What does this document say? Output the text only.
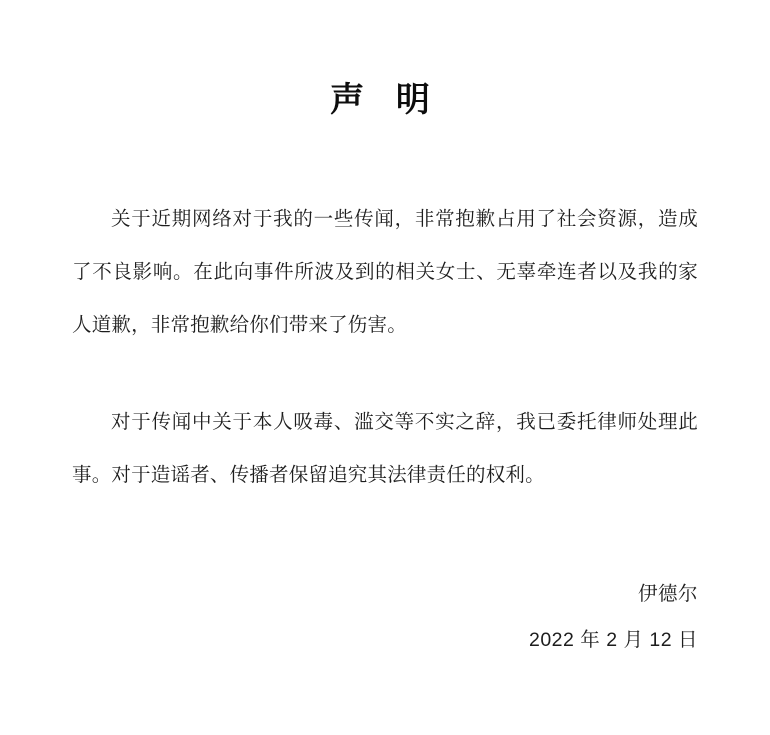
声 明

关于近期网络对于我的一些传闻，非常抱歉占用了社会资源，造成了不良影响。在此向事件所波及到的相关女士、无辜牵连者以及我的家人道歉，非常抱歉给你们带来了伤害。

对于传闻中关于本人吸毒、滥交等不实之辞，我已委托律师处理此事。对于造谣者、传播者保留追究其法律责任的权利。

伊德尔
2022 年 2 月 12 日
